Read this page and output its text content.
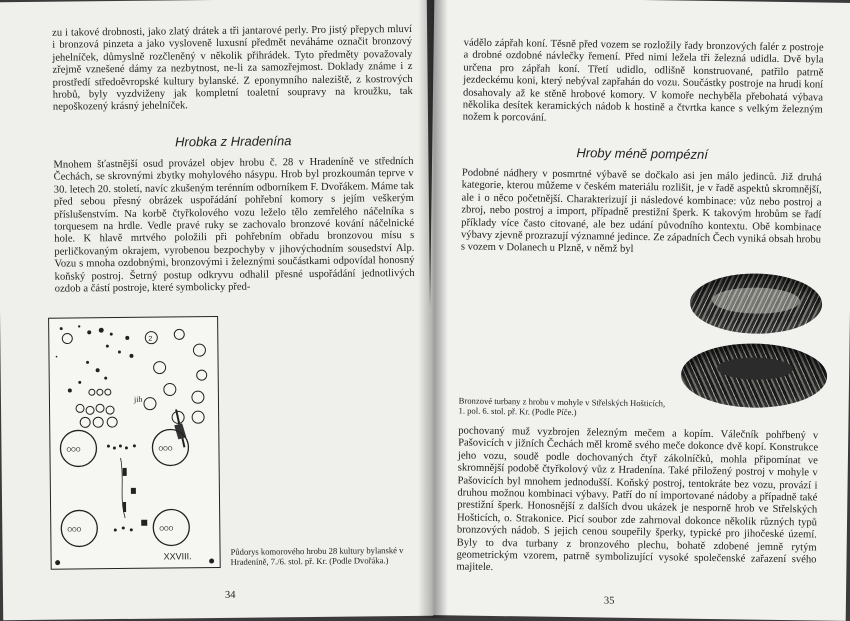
zu i takové drobnosti, jako zlatý drátek a tři jantarové perly. Pro jistý přepych mluví i bronzová pinzeta a jako vysloveně luxusní předmět neváháme označit bronzový jehelníček, důmyslně rozčleněný v několik přihrádek. Tyto předměty považovaly zřejmě vznešené dámy za nezbytnost, ne-li za samozřejmost. Doklady známe i z prostředí středoěvropské kultury bylanské. Z eponymního naleziště, z kostrových hrobů, byly vyzdviženy jak kompletní toaletní soupravy na kroužku, tak nepoškozený krásný jehelníček.

Hrobka z Hradenína

Mnohem šťastnější osud provázel objev hrobu č. 28 v Hradeníně ve středních Čechách, se skrovnými zbytky mohylového násypu. Hrob byl prozkoumán teprve v 30. letech 20. století, navíc zkušeným terénním odborníkem F. Dvořákem. Máme tak před sebou přesný obrázek uspořádání pohřební komory s jejím veškerým příslušenstvím. Na korbě čtyřkolového vozu leželo tělo zemřelého náčelníka s torquesem na hrdle. Vedle pravé ruky se zachovalo bronzové kování náčelnické hole. K hlavě mrtvého položili při pohřebním obřadu bronzovou mísu s perličkovaným okrajem, vyrobenou bezpochyby v jihovýchodním sousedství Alp. Vozu s mnoha ozdobnými, bronzovými i železnými součástkami odpovídal honosný koňský postroj. Šetrný postup odkryvu odhalil přesné uspořádání jednotlivých ozdob a částí postroje, které symbolicky před-

2
jih
OOO	OOO
OOO	OOO
•
XXVIII.	Půdorys komorového hrobu 28 kultury bylanské v Hradeníně, 7./6. stol. př. Kr. (Podle Dvořáka.)

34

vádělo zápřah koní. Těsně před vozem se rozložily řady bronzových falér z postroje a drobné ozdobné návlečky řemení. Před nimi ležela tři železná udidla. Dvě byla určena pro zápřah koní. Třetí udidlo, odlišně konstruované, patřilo patrně jezdeckému koni, který nebýval zapřahán do vozu. Součástky postroje na hrudi koní dosahovaly až ke stěně hrobové komory. V komoře nechyběla přebohatá výbava několika desítek keramických nádob k hostině a čtvrtka kance s velkým železným nožem k porcování.

Hroby méně pompézní

Podobné nádhery v posmrtné výbavě se dočkalo asi jen málo jedinců. Již druhá kategorie, kterou můžeme v českém materiálu rozlišit, je v řadě aspektů skromnější, ale i o něco početnější. Charakterizují ji následové kombinace: vůz nebo postroj a zbroj, nebo postroj a import, případně prestižní šperk. K takovým hrobům se řadí příklady více často citované, ale bez udání původního kontextu. Obě kombinace výbavy zjevně prozrazují významné jedince. Ze západních Čech vyniká obsah hrobu s vozem v Dolanech u Plzně, v němž byl

Bronzové turbany z hrobu v mohyle v Střelských Hošticích, 1. pol. 6. stol. př. Kr. (Podle Píče.)

pochovaný muž vyzbrojen železným mečem a kopím. Válečník pohřbený v Pašovicích v jižních Čechách měl kromě svého meče dokonce dvě kopí. Konstrukce jeho vozu, soudě podle dochovaných čtyř zákolníčků, mohla připomínat ve skromnější podobě čtyřkolový vůz z Hradenína. Také přiložený postroj v mohyle v Pašovicích byl mnohem jednodušší. Koňský postroj, tentokráte bez vozu, provází i druhou možnou kombinaci výbavy. Patří do ní importované nádoby a případně také prestižní šperk. Honosnější z dalších dvou ukázek je nesporně hrob ve Střelských Hošticích, o. Strakonice. Picí soubor zde zahrnoval dokonce několik různých typů bronzových nádob. S jejich cenou soupeřily šperky, typické pro jihočeské území. Byly to dva turbany z bronzového plechu, bohatě zdobené jemně rytým geometrickým vzorem, patrně symbolizující vysoké společenské zařazení svého majitele.

35
